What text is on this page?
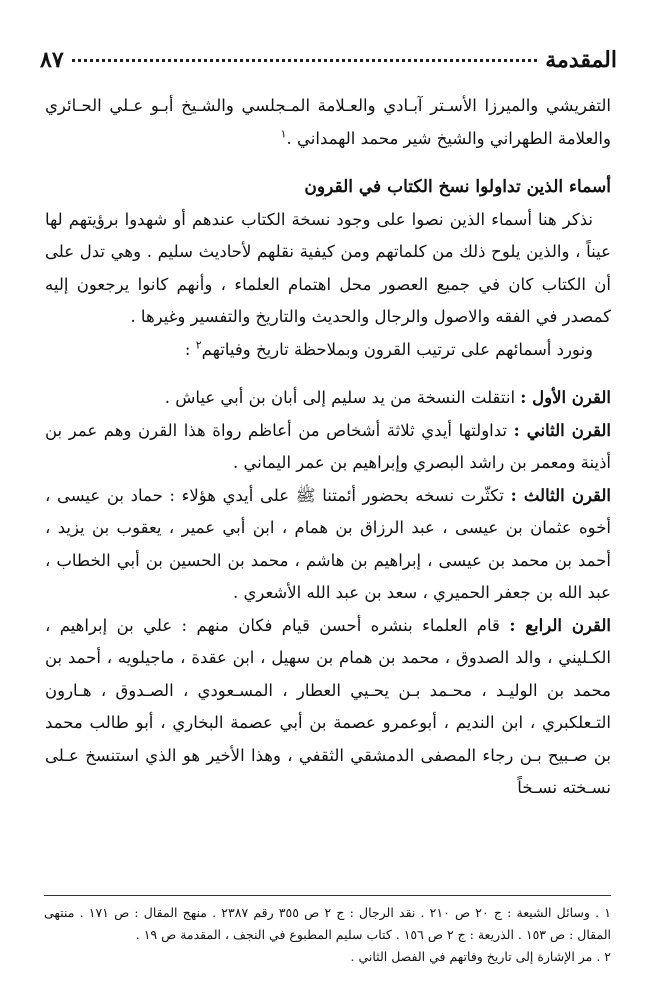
المقدمة
٨٧

التفريشي والميرزا الأسـتر آبـادي والعـلامة المـجلسي والشـيخ أبـو عـلي الحـائري والعلامة الطهراني والشيخ شير محمد الهمداني .$^١$

أسماء الذين تداولوا نسخ الكتاب في القرون

نذكر هنا أسماء الذين نصوا على وجود نسخة الكتاب عندهم أو شهدوا برؤيتهم لها عيناً ، والذين يلوح ذلك من كلماتهم ومن كيفية نقلهم لأحاديث سليم . وهي تدل على أن الكتاب كان في جميع العصور محل اهتمام العلماء ، وأنهم كانوا يرجعون إليه كمصدر في الفقه والاصول والرجال والحديث والتاريخ والتفسير وغيرها .

ونورد أسمائهم على ترتيب القرون وبملاحظة تاريخ وفياتهم$^٢$ :

القرن الأول : انتقلت النسخة من يد سليم إلى أبان بن أبي عياش .

القرن الثاني : تداولتها أيدي ثلاثة أشخاص من أعاظم رواة هذا القرن وهم عمر بن أذينة ومعمر بن راشد البصري وإبراهيم بن عمر اليماني .

القرن الثالث : تكثّرت نسخه بحضور أئمتنا ﷺ على أيدي هؤلاء : حماد بن عيسى ، أخوه عثمان بن عيسى ، عبد الرزاق بن همام ، ابن أبي عمير ، يعقوب بن يزيد ، أحمد بن محمد بن عيسى ، إبراهيم بن هاشم ، محمد بن الحسين بن أبي الخطاب ، عبد الله بن جعفر الحميري ، سعد بن عبد الله الأشعري .

القرن الرابع : قام العلماء بنشره أحسن قيام فكان منهم : علي بن إبراهيم ، الكـليني ، والد الصدوق ، محمد بن همام بن سهيل ، ابن عقدة ، ماجيلويه ، أحمد بن محمد بن الوليـد ، محـمد بـن يحـيي العطار ، المسـعودي ، الصـدوق ، هـارون التـعلكبري ، ابن النديم ، أبوعمرو عصمة بن أبي عصمة البخاري ، أبو طالب محمد بن صـبيح بـن رجاء المصفى الدمشقي الثقفي ، وهذا الأخير هو الذي استنسخ عـلى نسـخته نسـخاً

١ . وسائل الشيعة : ج ٢٠ ص ٢١٠ . نقد الرجال : ج ٢ ص ٣٥٥ رقم ٢٣٨٧ . منهج المقال : ص ١٧١ . منتهى المقال : ص ١٥٣ . الذريعة : ج ٢ ص ١٥٦ . كتاب سليم المطبوع في النجف ، المقدمة ص ١٩ .

٢ . مر الإشارة إلى تاريخ وفاتهم في الفصل الثاني .
